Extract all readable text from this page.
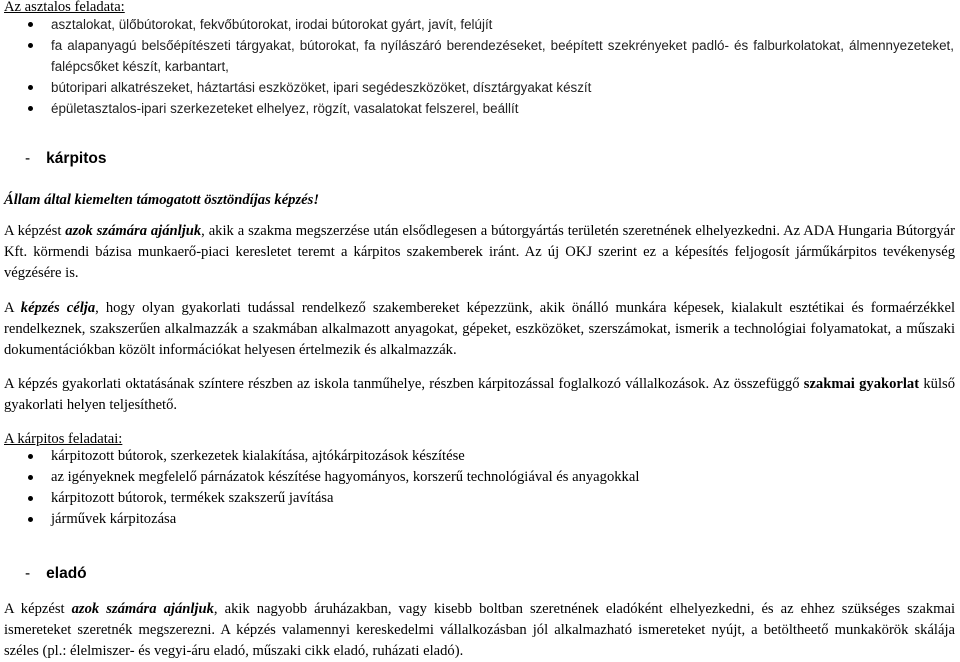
Az asztalos feladata:
asztalokat, ülőbútorokat, fekvőbútorokat, irodai bútorokat gyárt, javít, felújít
fa alapanyagú belsőépítészeti tárgyakat, bútorokat, fa nyílászáró berendezéseket, beépített szekrényeket padló- és falburkolatokat, álmennyezeteket, falépcsőket készít, karbantart,
bútoripari alkatrészeket, háztartási eszközöket, ipari segédeszközöket, dísztárgyakat készít
épületasztalos-ipari szerkezeteket elhelyez, rögzít, vasalatokat felszerel, beállít
- kárpitos
Állam által kiemelten támogatott ösztöndíjas képzés!
A képzést azok számára ajánljuk, akik a szakma megszerzése után elsődlegesen a bútorgyártás területén szeretnének elhelyezkedni. Az ADA Hungaria Bútorgyár Kft. körmendi bázisa munkaerő-piaci keresletet teremt a kárpitos szakemberek iránt. Az új OKJ szerint ez a képesítés feljogosít járműkárpitos tevékenység végzésére is.
A képzés célja, hogy olyan gyakorlati tudással rendelkező szakembereket képezzünk, akik önálló munkára képesek, kialakult esztétikai és formaérzékkel rendelkeznek, szakszerűen alkalmazzák a szakmában alkalmazott anyagokat, gépeket, eszközöket, szerszámokat, ismerik a technológiai folyamatokat, a műszaki dokumentációkban közölt információkat helyesen értelmezik és alkalmazzák.
A képzés gyakorlati oktatásának színtere részben az iskola tanműhelye, részben kárpitozással foglalkozó vállalkozások. Az összefüggő szakmai gyakorlat külső gyakorlati helyen teljesíthető.
A kárpitos feladatai:
kárpitozott bútorok, szerkezetek kialakítása, ajtókárpitozások készítése
az igényeknek megfelelő párnázatok készítése hagyományos, korszerű technológiával és anyagokkal
kárpitozott bútorok, termékek szakszerű javítása
járművek kárpitozása
- eladó
A képzést azok számára ajánljuk, akik nagyobb áruházakban, vagy kisebb boltban szeretnének eladóként elhelyezkedni, és az ehhez szükséges szakmai ismereteket szeretnék megszerezni. A képzés valamennyi kereskedelmi vállalkozásban jól alkalmazható ismereteket nyújt, a betöltheető munkakörök skálája széles (pl.: élelmiszer- és vegyi-áru eladó, műszaki cikk eladó, ruházati eladó).
